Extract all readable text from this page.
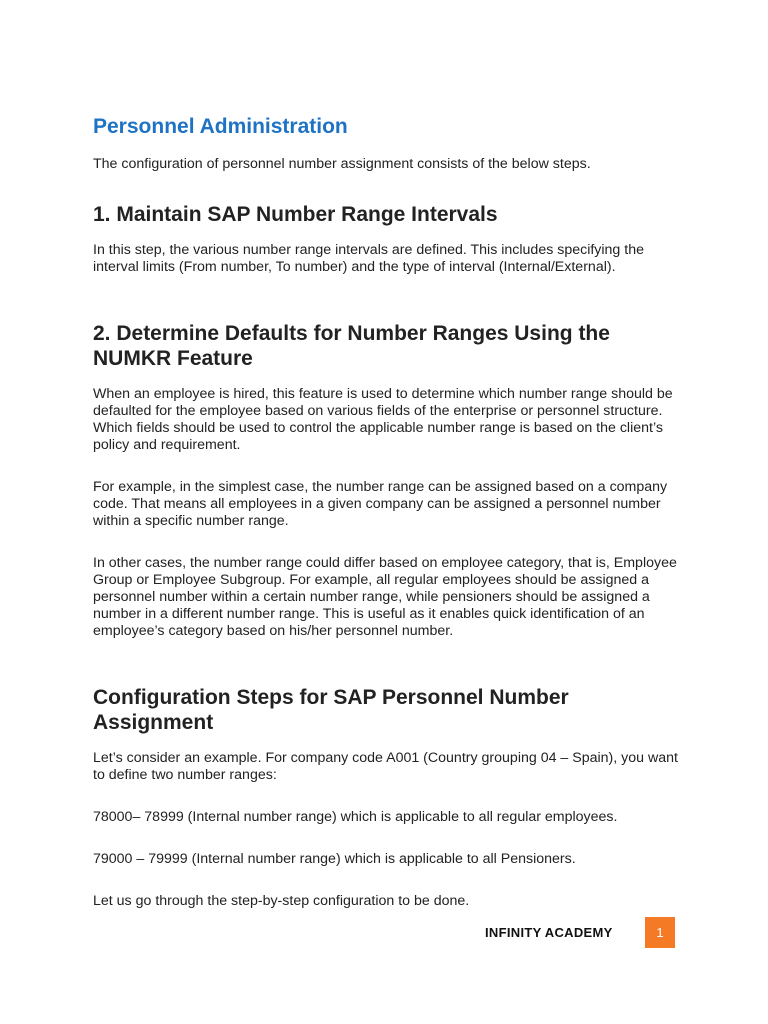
Personnel Administration

The configuration of personnel number assignment consists of the below steps.

1. Maintain SAP Number Range Intervals

In this step, the various number range intervals are defined. This includes specifying the interval limits (From number, To number) and the type of interval (Internal/External).

2. Determine Defaults for Number Ranges Using the NUMKR Feature

When an employee is hired, this feature is used to determine which number range should be defaulted for the employee based on various fields of the enterprise or personnel structure. Which fields should be used to control the applicable number range is based on the client’s policy and requirement.

For example, in the simplest case, the number range can be assigned based on a company code. That means all employees in a given company can be assigned a personnel number within a specific number range.

In other cases, the number range could differ based on employee category, that is, Employee Group or Employee Subgroup. For example, all regular employees should be assigned a personnel number within a certain number range, while pensioners should be assigned a number in a different number range. This is useful as it enables quick identification of an employee’s category based on his/her personnel number.

Configuration Steps for SAP Personnel Number Assignment

Let’s consider an example. For company code A001 (Country grouping 04 – Spain), you want to define two number ranges:

78000– 78999 (Internal number range) which is applicable to all regular employees.

79000 – 79999 (Internal number range) which is applicable to all Pensioners.

Let us go through the step-by-step configuration to be done.

INFINITY ACADEMY	1
